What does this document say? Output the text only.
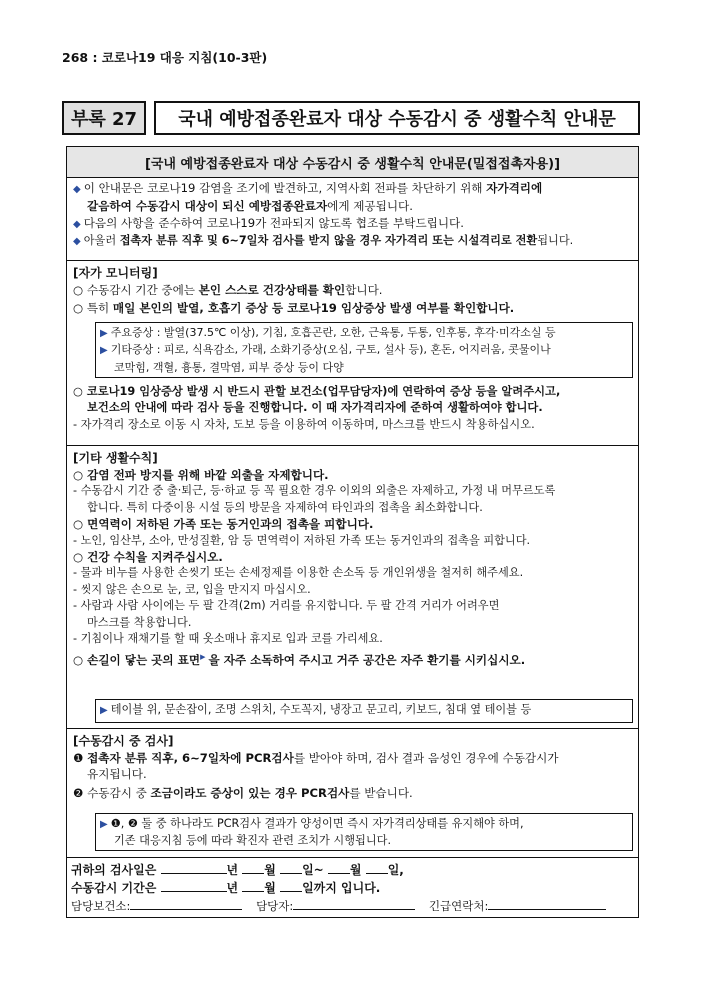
268 : 코로나19 대응 지침(10-3판)
부록 27	국내 예방접종완료자 대상 수동감시 중 생활수칙 안내문
[국내 예방접종완료자 대상 수동감시 중 생활수칙 안내문(밀접접촉자용)]
◆ 이 안내문은 코로나19 감염을 조기에 발견하고, 지역사회 전파를 차단하기 위해 자가격리에
갈음하여 수동감시 대상이 되신 예방접종완료자에게 제공됩니다.
◆ 다음의 사항을 준수하여 코로나19가 전파되지 않도록 협조를 부탁드립니다.
◆ 아울러 접촉자 분류 직후 및 6~7일차 검사를 받지 않을 경우 자가격리 또는 시설격리로 전환됩니다.
[자가 모니터링]
○ 수동감시 기간 중에는 본인 스스로 건강상태를 확인합니다.
○ 특히 매일 본인의 발열, 호흡기 증상 등 코로나19 임상증상 발생 여부를 확인합니다.
▶ 주요증상 : 발열(37.5℃ 이상), 기침, 호흡곤란, 오한, 근육통, 두통, 인후통, 후각·미각소실 등
▶ 기타증상 : 피로, 식욕감소, 가래, 소화기증상(오심, 구토, 설사 등), 혼돈, 어지러움, 콧물이나
코막힘, 객혈, 흉통, 결막염, 피부 증상 등이 다양
○ 코로나19 임상증상 발생 시 반드시 관할 보건소(업무담당자)에 연락하여 증상 등을 알려주시고,
보건소의 안내에 따라 검사 등을 진행합니다. 이 때 자가격리자에 준하여 생활하여야 합니다.
- 자가격리 장소로 이동 시 자차, 도보 등을 이용하여 이동하며, 마스크를 반드시 착용하십시오.
[기타 생활수칙]
○ 감염 전파 방지를 위해 바깥 외출을 자제합니다.
- 수동감시 기간 중 출·퇴근, 등·하교 등 꼭 필요한 경우 이외의 외출은 자제하고, 가정 내 머무르도록
합니다. 특히 다중이용 시설 등의 방문을 자제하여 타인과의 접촉을 최소화합니다.
○ 면역력이 저하된 가족 또는 동거인과의 접촉을 피합니다.
- 노인, 임산부, 소아, 만성질환, 암 등 면역력이 저하된 가족 또는 동거인과의 접촉을 피합니다.
○ 건강 수칙을 지켜주십시오.
- 물과 비누를 사용한 손씻기 또는 손세정제를 이용한 손소독 등 개인위생을 철저히 해주세요.
- 씻지 않은 손으로 눈, 코, 입을 만지지 마십시오.
- 사람과 사람 사이에는 두 팔 간격(2m) 거리를 유지합니다. 두 팔 간격 거리가 어려우면
마스크를 착용합니다.
- 기침이나 재채기를 할 때 옷소매나 휴지로 입과 코를 가리세요.
○ 손길이 닿는 곳의 표면▶ 을 자주 소독하여 주시고 거주 공간은 자주 환기를 시키십시오.
▶ 테이블 위, 문손잡이, 조명 스위치, 수도꼭지, 냉장고 문고리, 키보드, 침대 옆 테이블 등
[수동감시 중 검사]
❶ 접촉자 분류 직후, 6~7일차에 PCR검사를 받아야 하며, 검사 결과 음성인 경우에 수동감시가
유지됩니다.
❷ 수동감시 중 조금이라도 증상이 있는 경우 PCR검사를 받습니다.
▶ ❶, ❷ 둘 중 하나라도 PCR검사 결과가 양성이면 즉시 자가격리상태를 유지해야 하며,
기존 대응지침 등에 따라 확진자 관련 조치가 시행됩니다.
귀하의 검사일은	년 월 일~ 월 일,
수동감시 기간은	년 월 일까지 입니다.
담당보건소:	담당자:	긴급연락처:
